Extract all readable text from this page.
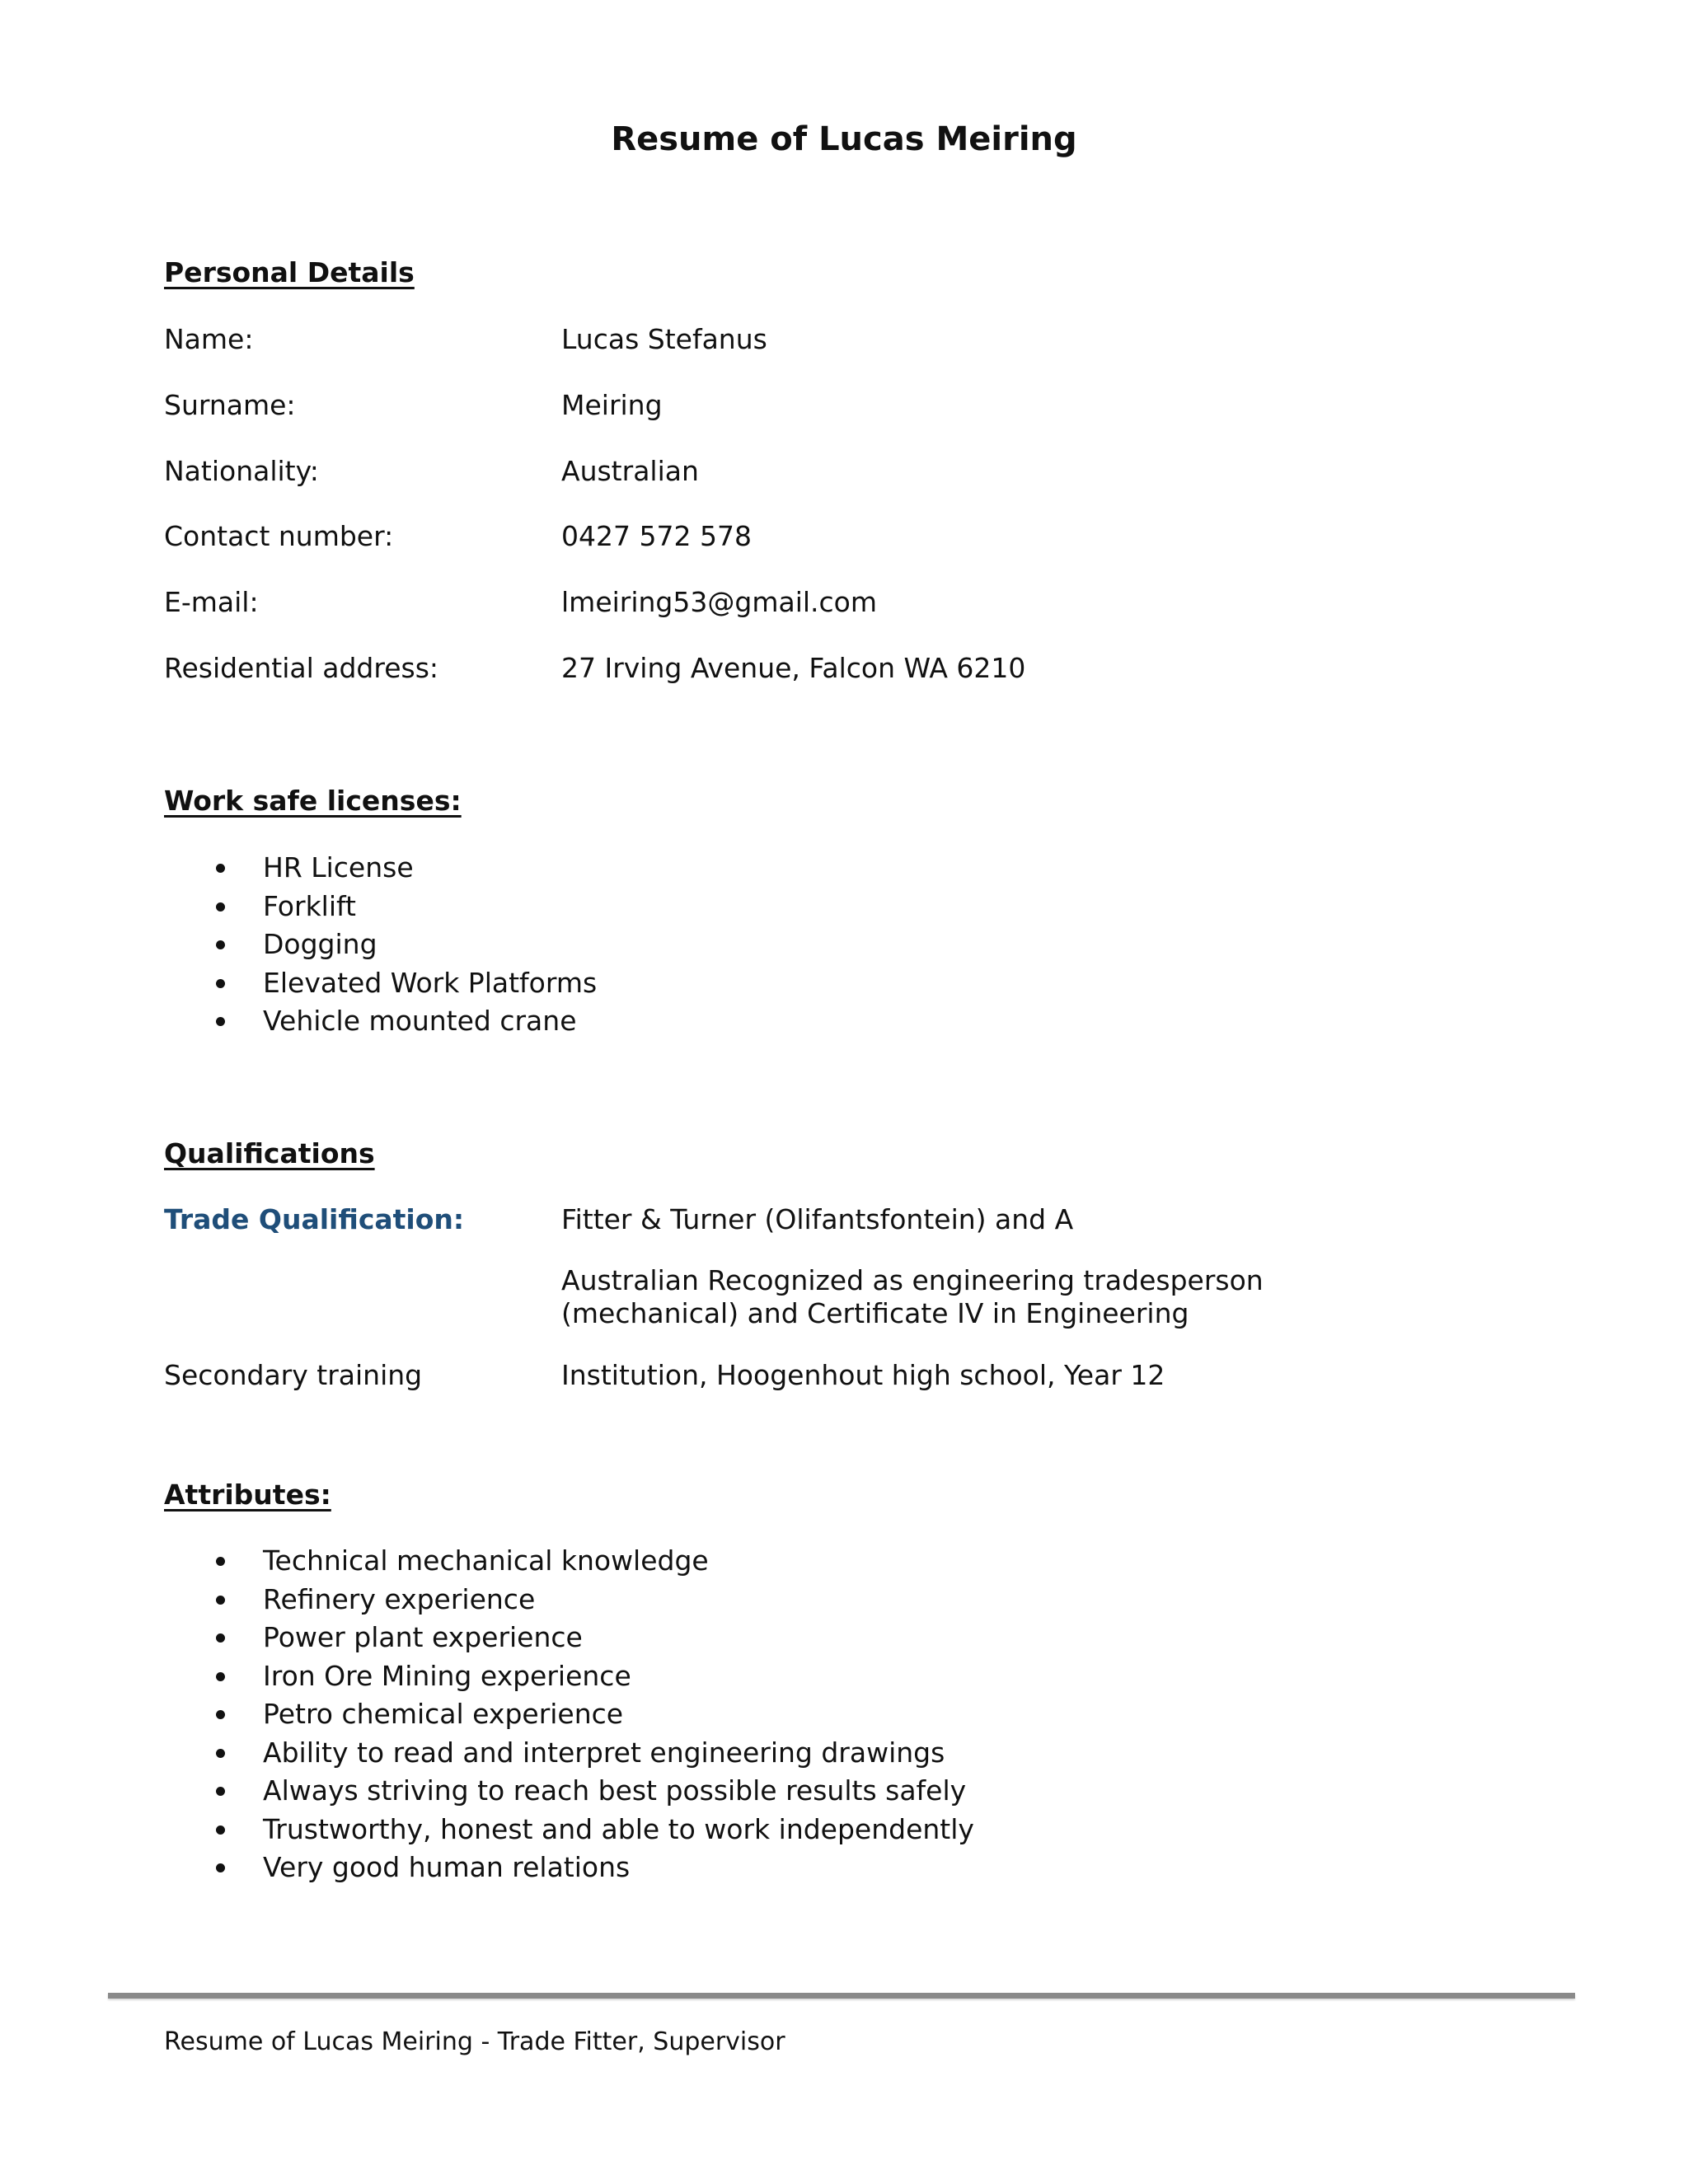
Resume of Lucas Meiring
Personal Details
Name:	Lucas Stefanus
Surname:	Meiring
Nationality:	Australian
Contact number:	0427 572 578
E-mail:	lmeiring53@gmail.com
Residential address:	27 Irving Avenue, Falcon WA 6210
Work safe licenses:
HR License
Forklift
Dogging
Elevated Work Platforms
Vehicle mounted crane
Qualifications
Trade Qualification:	Fitter & Turner (Olifantsfontein) and A
Australian Recognized as engineering tradesperson (mechanical) and Certificate IV in Engineering
Secondary training	Institution, Hoogenhout high school, Year 12
Attributes:
Technical mechanical knowledge
Refinery experience
Power plant experience
Iron Ore Mining experience
Petro chemical experience
Ability to read and interpret engineering drawings
Always striving to reach best possible results safely
Trustworthy, honest and able to work independently
Very good human relations
Resume of Lucas Meiring - Trade Fitter, Supervisor
